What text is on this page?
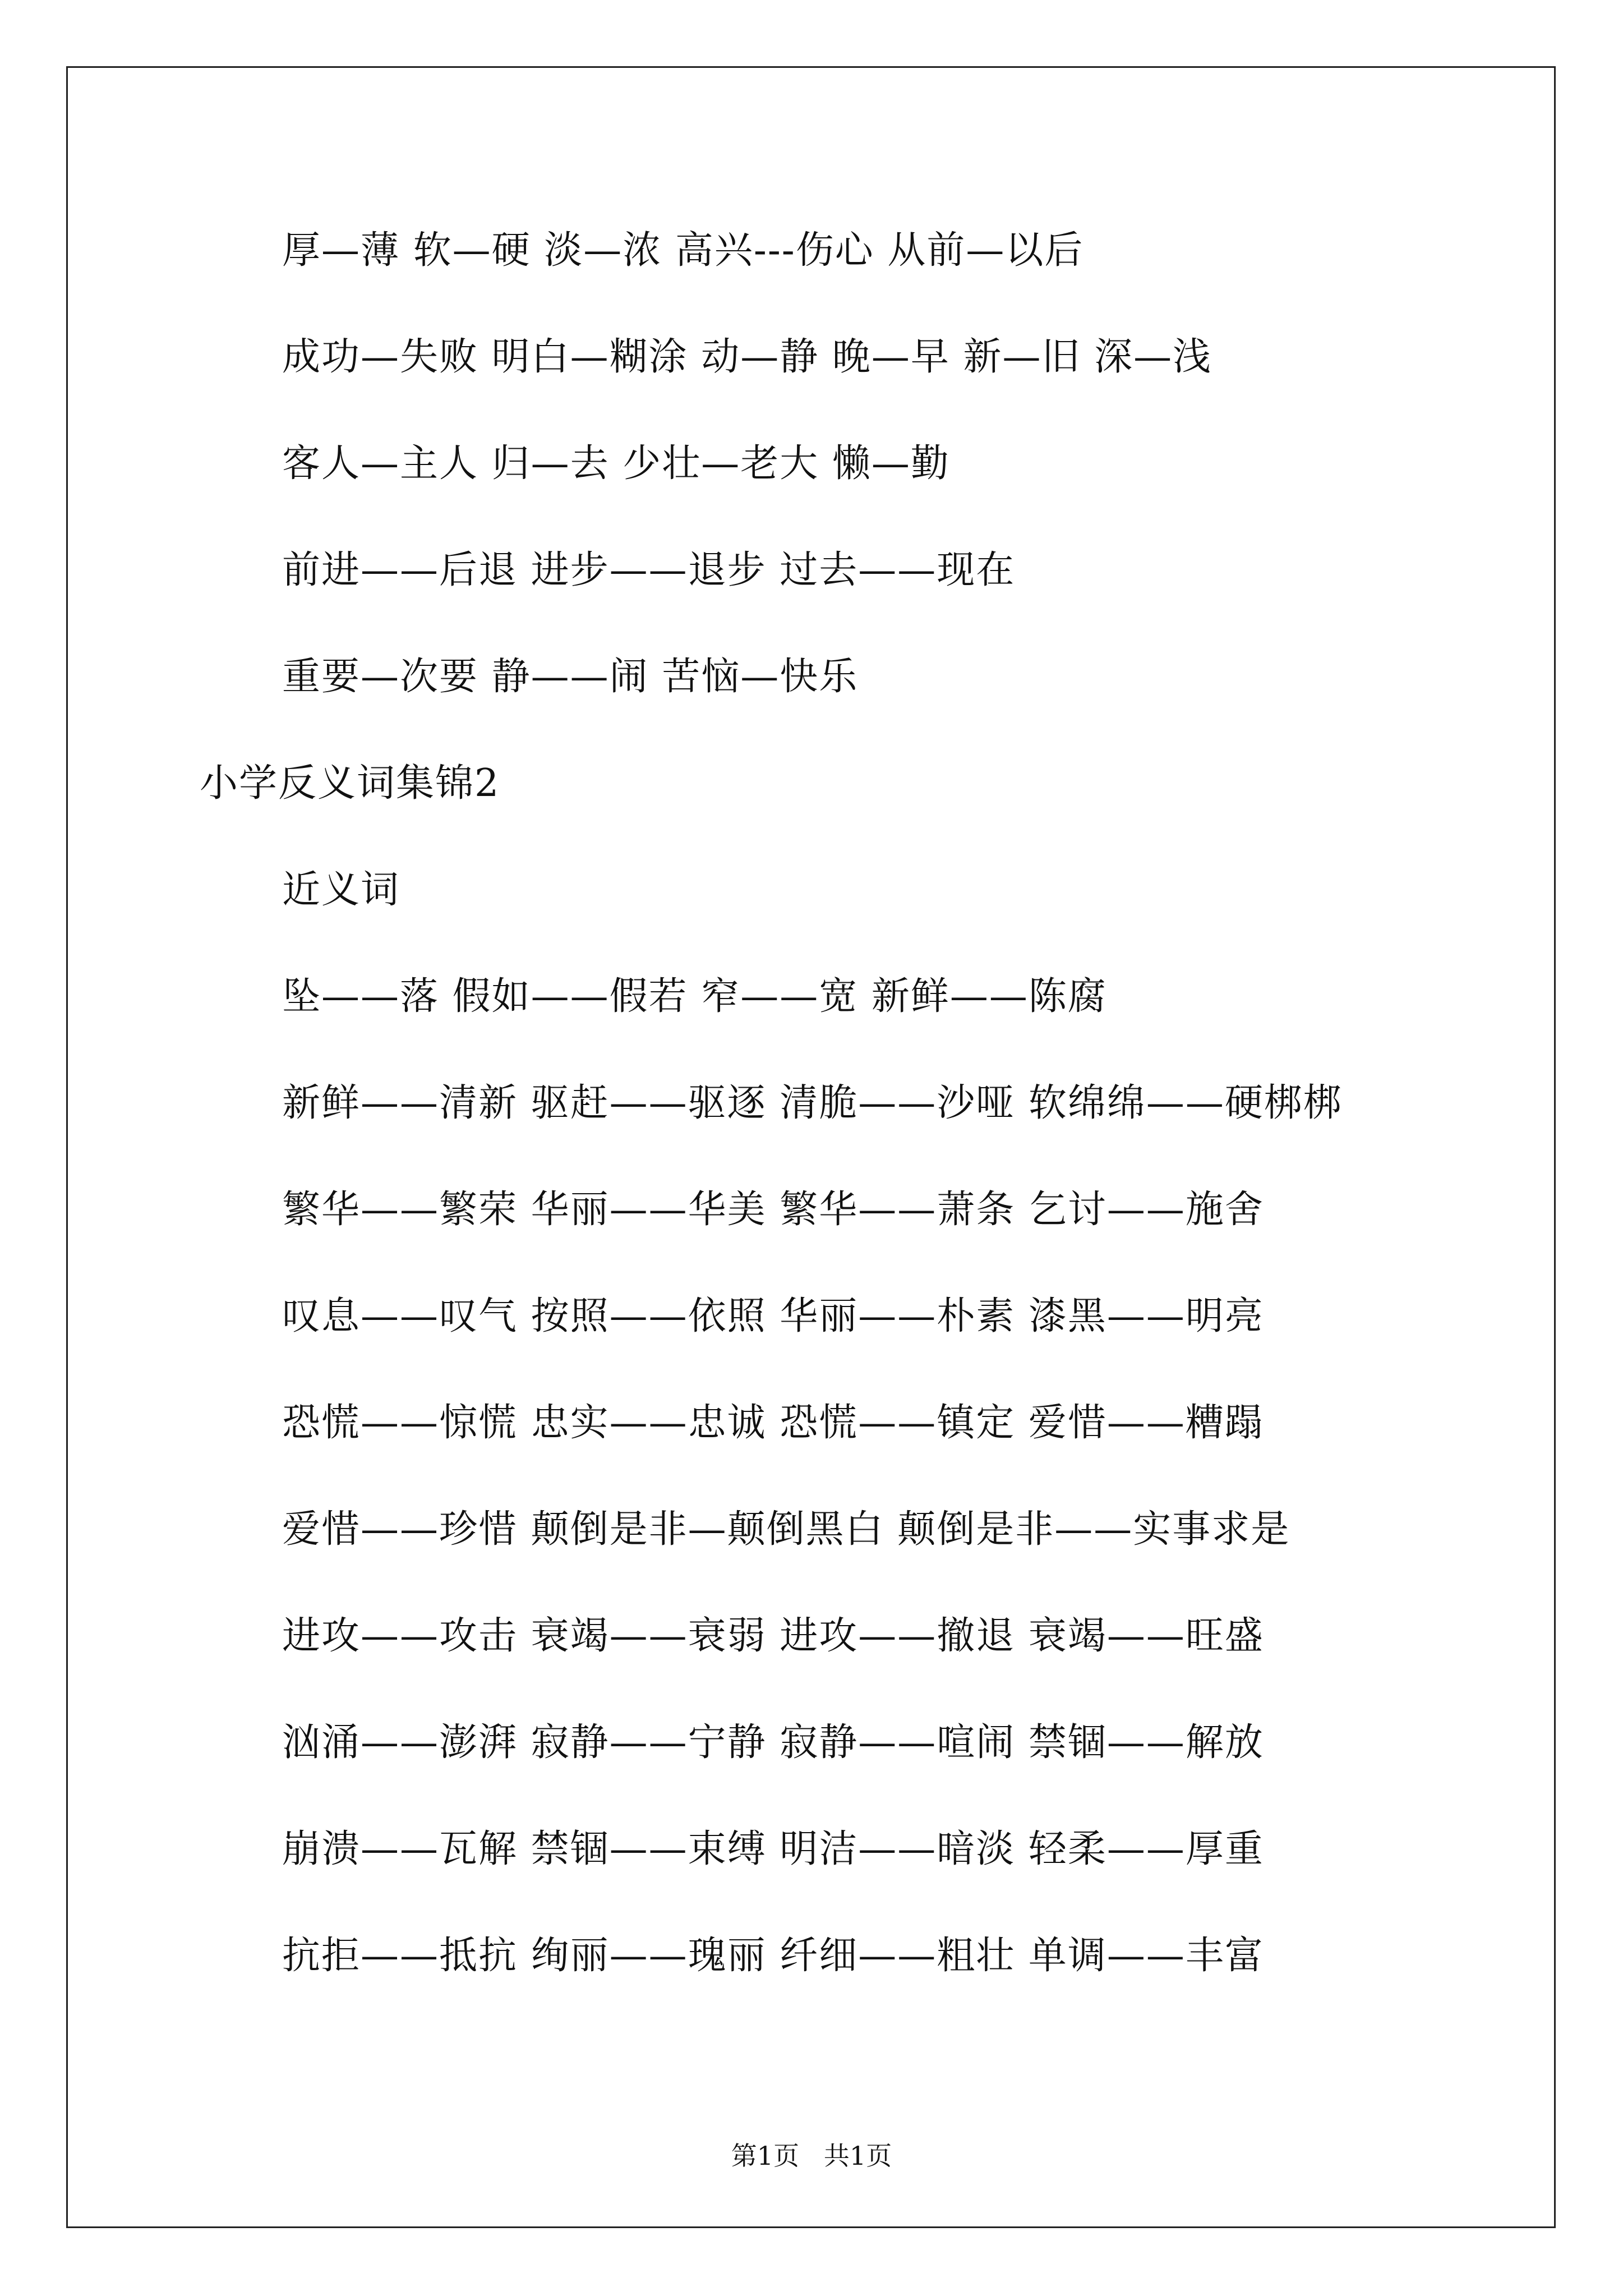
厚—薄 软—硬 淡—浓 高兴---伤心 从前—以后
成功—失败 明白—糊涂 动—静 晚—早 新—旧 深—浅
客人—主人 归—去 少壮—老大 懒—勤
前进——后退 进步——退步 过去——现在
重要—次要 静——闹 苦恼—快乐
小学反义词集锦2
近义词
坠——落 假如——假若 窄——宽 新鲜——陈腐
新鲜——清新 驱赶——驱逐 清脆——沙哑 软绵绵——硬梆梆
繁华——繁荣 华丽——华美 繁华——萧条 乞讨——施舍
叹息——叹气 按照——依照 华丽——朴素 漆黑——明亮
恐慌——惊慌 忠实——忠诚 恐慌——镇定 爱惜——糟蹋
爱惜——珍惜 颠倒是非—颠倒黑白 颠倒是非——实事求是
进攻——攻击 衰竭——衰弱 进攻——撤退 衰竭——旺盛
汹涌——澎湃 寂静——宁静 寂静——喧闹 禁锢——解放
崩溃——瓦解 禁锢——束缚 明洁——暗淡 轻柔——厚重
抗拒——抵抗 绚丽——瑰丽 纤细——粗壮 单调——丰富
第1页   共1页
